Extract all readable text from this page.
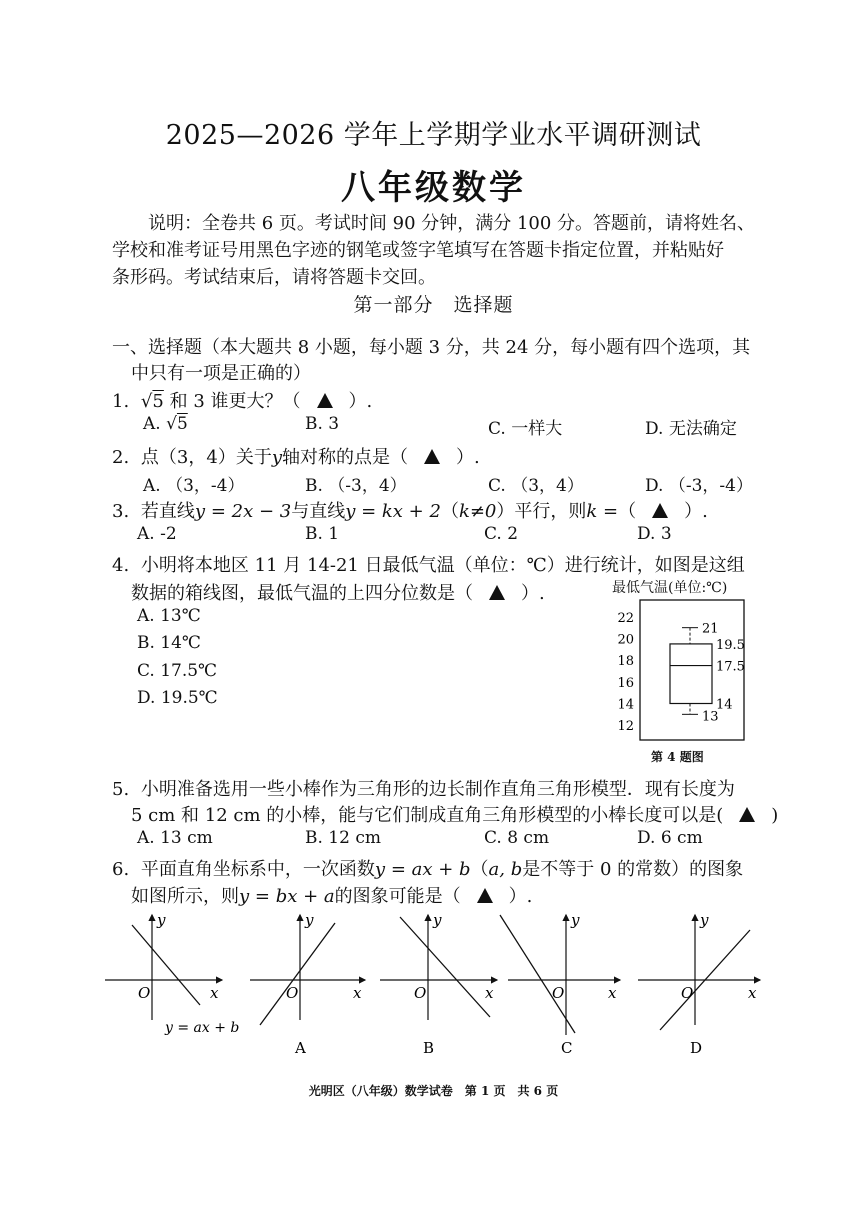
2025—2026 学年上学期学业水平调研测试
八年级数学
说明：全卷共 6 页。考试时间 90 分钟，满分 100 分。答题前，请将姓名、
学校和准考证号用黑色字迹的钢笔或签字笔填写在答题卡指定位置，并粘贴好
条形码。考试结束后，请将答题卡交回。
第一部分　选择题
一、选择题（本大题共 8 小题，每小题 3 分，共 24 分，每小题有四个选项，其
中只有一项是正确的）
1. √5 和 3 谁更大？（	）.
A. √5	B. 3	C. 一样大	D. 无法确定
2. 点（3，4）关于y轴对称的点是（	）.
A. （3，-4）	B. （-3，4）	C. （3，4）	D. （-3，-4）
3. 若直线y = 2x − 3与直线y = kx + 2（k≠0）平行，则k =（	）.
A. -2	B. 1	C. 2	D. 3
4. 小明将本地区 11 月 14-21 日最低气温（单位：℃）进行统计，如图是这组
数据的箱线图，最低气温的上四分位数是（	）.
A. 13℃
B. 14℃
C. 17.5℃
D. 19.5℃
最低气温(单位:℃)
12
14
16
18
20
22
21
19.5
17.5
14
13
第 4 题图
5. 小明准备选用一些小棒作为三角形的边长制作直角三角形模型．现有长度为
5 cm 和 12 cm 的小棒，能与它们制成直角三角形模型的小棒长度可以是(	)
A. 13 cm	B. 12 cm	C. 8 cm	D. 6 cm
6. 平面直角坐标系中，一次函数y = ax + b（a, b是不等于 0 的常数）的图象
如图所示，则y = bx + a的图象可能是（	）.
x
y
O
y = ax + b
x
y
O
A
x
y
O
B
x
y
O
C
x
y
O
D
光明区（八年级）数学试卷　第 1 页　共 6 页
